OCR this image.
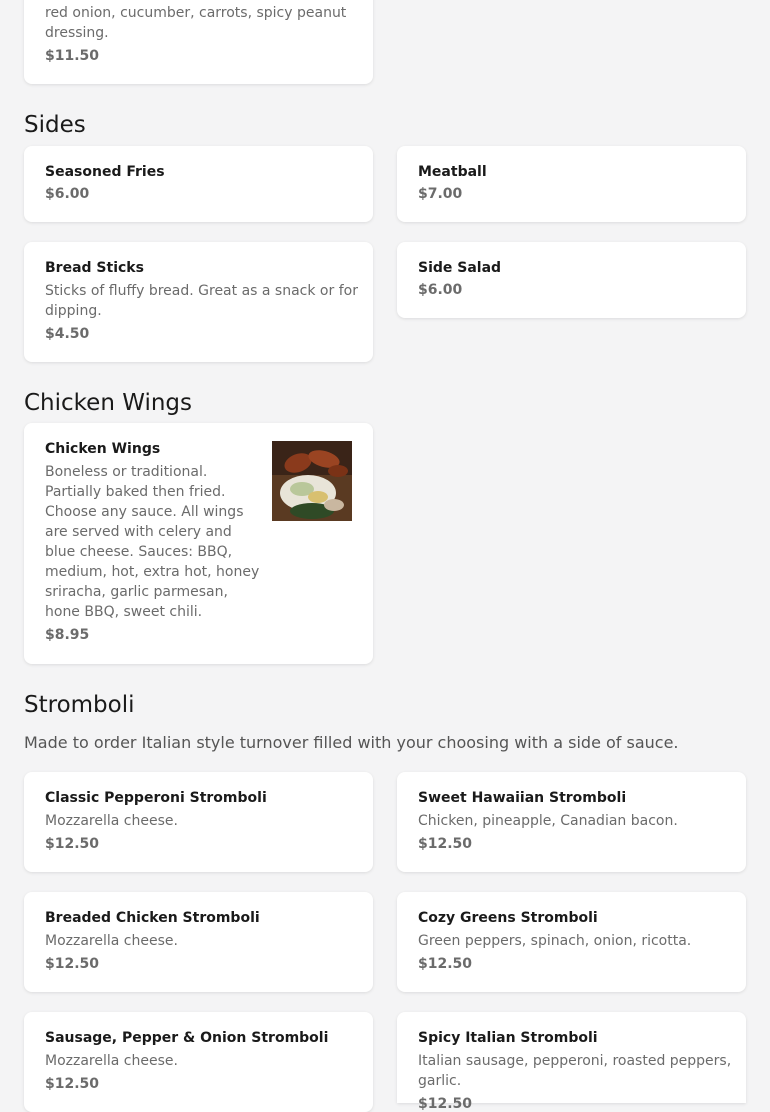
red onion, cucumber, carrots, spicy peanut
dressing.
$11.50
Sides
Seasoned Fries
$6.00
Meatball
$7.00
Bread Sticks
Sticks of fluffy bread. Great as a snack or for
dipping.
$4.50
Side Salad
$6.00
Chicken Wings
Chicken Wings
Boneless or traditional. Partially baked then fried. Choose any sauce. All wings are served with celery and blue cheese. Sauces: BBQ, medium, hot, extra hot, honey sriracha, garlic parmesan, hone BBQ, sweet chili.
$8.95
Stromboli
Made to order Italian style turnover filled with your choosing with a side of sauce.
Classic Pepperoni Stromboli
Mozzarella cheese.
$12.50
Sweet Hawaiian Stromboli
Chicken, pineapple, Canadian bacon.
$12.50
Breaded Chicken Stromboli
Mozzarella cheese.
$12.50
Cozy Greens Stromboli
Green peppers, spinach, onion, ricotta.
$12.50
Sausage, Pepper & Onion Stromboli
Mozzarella cheese.
$12.50
Spicy Italian Stromboli
Italian sausage, pepperoni, roasted peppers,
garlic.
$12.50
